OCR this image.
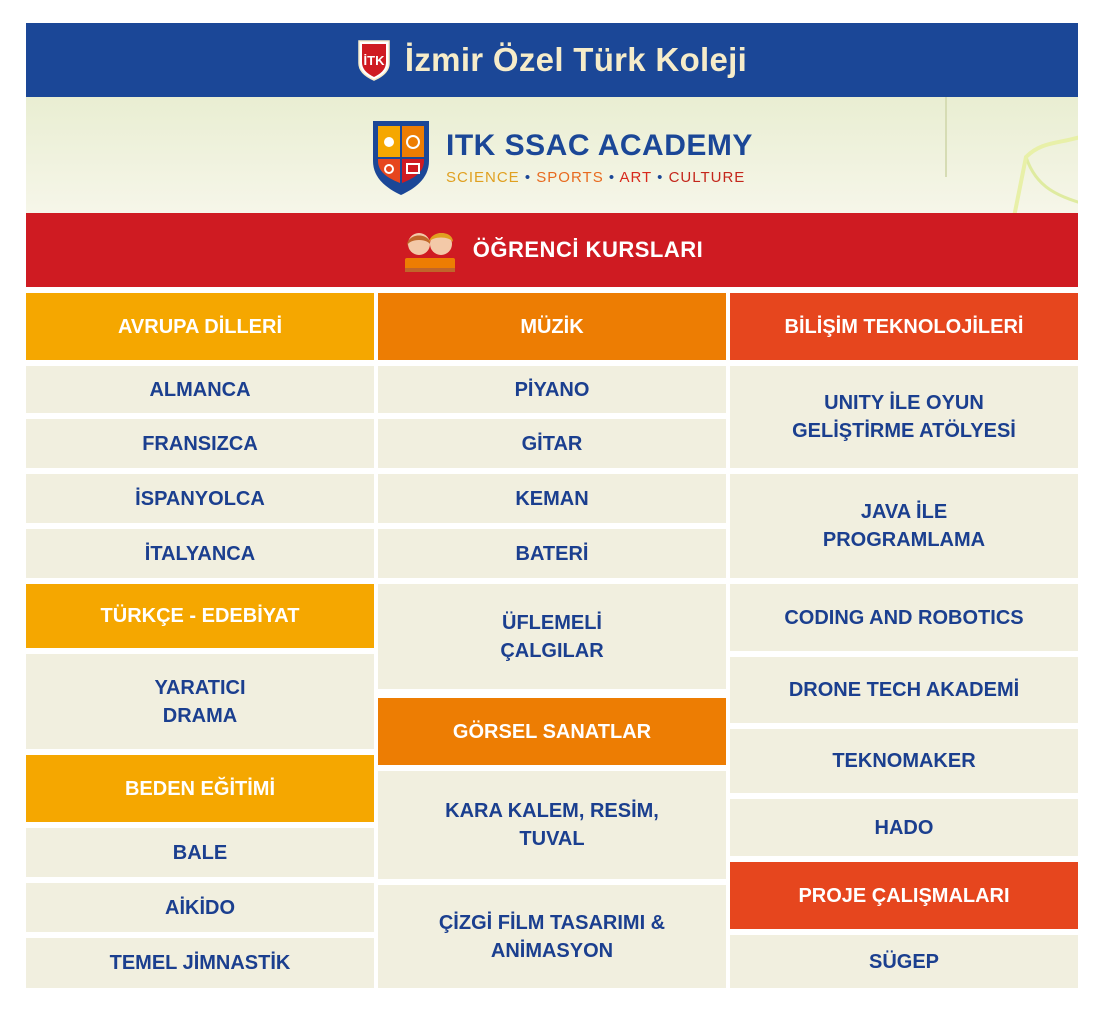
İTK İzmir Özel Türk Koleji
ITK SSAC ACADEMY
SCIENCE • SPORTS • ART • CULTURE
ÖĞRENCİ KURSLARI
AVRUPA DİLLERİ
ALMANCA
FRANSIZCA
İSPANYOLCA
İTALYANCA
TÜRKÇE - EDEBİYAT
YARATICI DRAMA
BEDEN EĞİTİMİ
BALE
AİKİDO
TEMEL JİMNASTİK
MÜZİK
PİYANO
GİTAR
KEMAN
BATERİ
ÜFLEMELİ ÇALGILAR
GÖRSEL SANATLAR
KARA KALEM, RESİM, TUVAL
ÇİZGİ FİLM TASARIMI & ANİMASYON
BİLİŞİM TEKNOLOJİLERİ
UNITY İLE OYUN GELİŞTİRME ATÖLYESİ
JAVA İLE PROGRAMLAMA
CODING AND ROBOTICS
DRONE TECH AKADEMİ
TEKNOMAKER
HADO
PROJE ÇALIŞMALARI
SÜGEP
